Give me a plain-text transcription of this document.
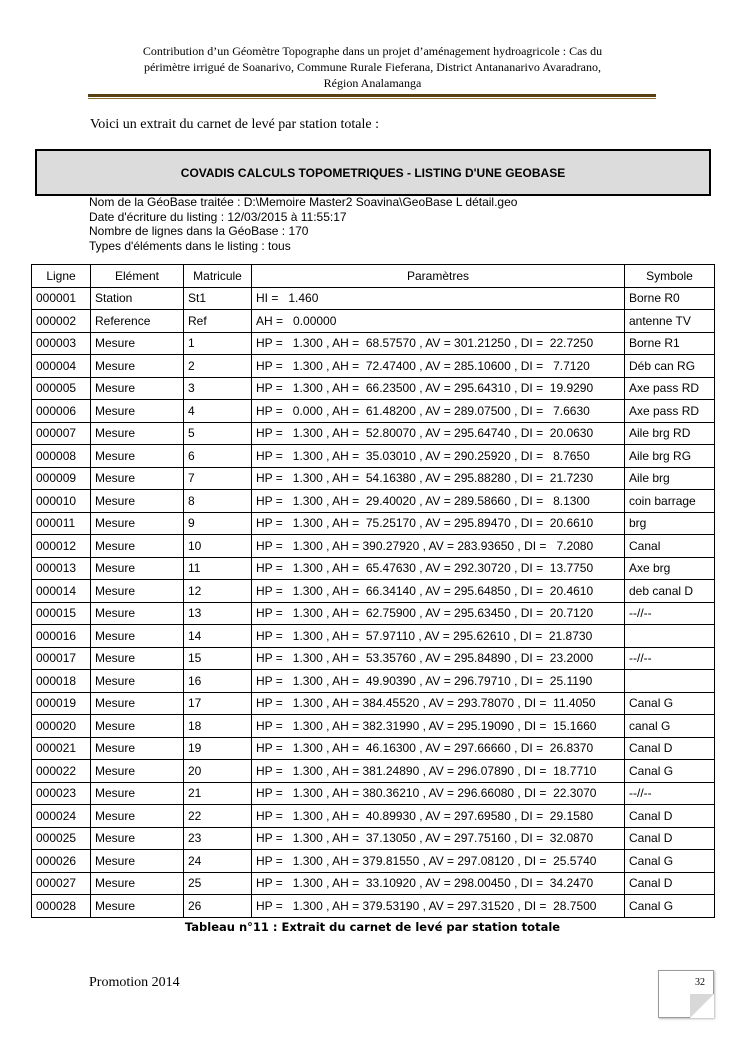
Contribution d’un Géomètre Topographe dans un projet d’aménagement hydroagricole : Cas du
périmètre irrigué de Soanarivo, Commune Rurale Fieferana, District Antananarivo Avaradrano,
Région Analamanga
Voici un extrait du carnet de levé par station totale :
COVADIS CALCULS TOPOMETRIQUES - LISTING D'UNE GEOBASE
Nom de la GéoBase traitée : D:\Memoire Master2 Soavina\GeoBase L détail.geo
Date d'écriture du listing : 12/03/2015 à 11:55:17
Nombre de lignes dans la GéoBase : 170
Types d'éléments dans le listing : tous
Ligne	Elément	Matricule	Paramètres	Symbole
000001	Station	St1	HI =   1.460	Borne R0
000002	Reference	Ref	AH =   0.00000	antenne TV
000003	Mesure	1	HP =   1.300 , AH =  68.57570 , AV = 301.21250 , DI =  22.7250	Borne R1
000004	Mesure	2	HP =   1.300 , AH =  72.47400 , AV = 285.10600 , DI =   7.7120	Déb can RG
000005	Mesure	3	HP =   1.300 , AH =  66.23500 , AV = 295.64310 , DI =  19.9290	Axe pass RD
000006	Mesure	4	HP =   0.000 , AH =  61.48200 , AV = 289.07500 , DI =   7.6630	Axe pass RD
000007	Mesure	5	HP =   1.300 , AH =  52.80070 , AV = 295.64740 , DI =  20.0630	Aile brg RD
000008	Mesure	6	HP =   1.300 , AH =  35.03010 , AV = 290.25920 , DI =   8.7650	Aile brg RG
000009	Mesure	7	HP =   1.300 , AH =  54.16380 , AV = 295.88280 , DI =  21.7230	Aile brg
000010	Mesure	8	HP =   1.300 , AH =  29.40020 , AV = 289.58660 , DI =   8.1300	coin barrage
000011	Mesure	9	HP =   1.300 , AH =  75.25170 , AV = 295.89470 , DI =  20.6610	brg
000012	Mesure	10	HP =   1.300 , AH = 390.27920 , AV = 283.93650 , DI =   7.2080	Canal
000013	Mesure	11	HP =   1.300 , AH =  65.47630 , AV = 292.30720 , DI =  13.7750	Axe brg
000014	Mesure	12	HP =   1.300 , AH =  66.34140 , AV = 295.64850 , DI =  20.4610	deb canal D
000015	Mesure	13	HP =   1.300 , AH =  62.75900 , AV = 295.63450 , DI =  20.7120	--//--
000016	Mesure	14	HP =   1.300 , AH =  57.97110 , AV = 295.62610 , DI =  21.8730	
000017	Mesure	15	HP =   1.300 , AH =  53.35760 , AV = 295.84890 , DI =  23.2000	--//--
000018	Mesure	16	HP =   1.300 , AH =  49.90390 , AV = 296.79710 , DI =  25.1190	
000019	Mesure	17	HP =   1.300 , AH = 384.45520 , AV = 293.78070 , DI =  11.4050	Canal G
000020	Mesure	18	HP =   1.300 , AH = 382.31990 , AV = 295.19090 , DI =  15.1660	canal G
000021	Mesure	19	HP =   1.300 , AH =  46.16300 , AV = 297.66660 , DI =  26.8370	Canal D
000022	Mesure	20	HP =   1.300 , AH = 381.24890 , AV = 296.07890 , DI =  18.7710	Canal G
000023	Mesure	21	HP =   1.300 , AH = 380.36210 , AV = 296.66080 , DI =  22.3070	--//--
000024	Mesure	22	HP =   1.300 , AH =  40.89930 , AV = 297.69580 , DI =  29.1580	Canal D
000025	Mesure	23	HP =   1.300 , AH =  37.13050 , AV = 297.75160 , DI =  32.0870	Canal D
000026	Mesure	24	HP =   1.300 , AH = 379.81550 , AV = 297.08120 , DI =  25.5740	Canal G
000027	Mesure	25	HP =   1.300 , AH =  33.10920 , AV = 298.00450 , DI =  34.2470	Canal D
000028	Mesure	26	HP =   1.300 , AH = 379.53190 , AV = 297.31520 , DI =  28.7500	Canal G
Tableau n°11 : Extrait du carnet de levé par station totale
Promotion 2014	32
